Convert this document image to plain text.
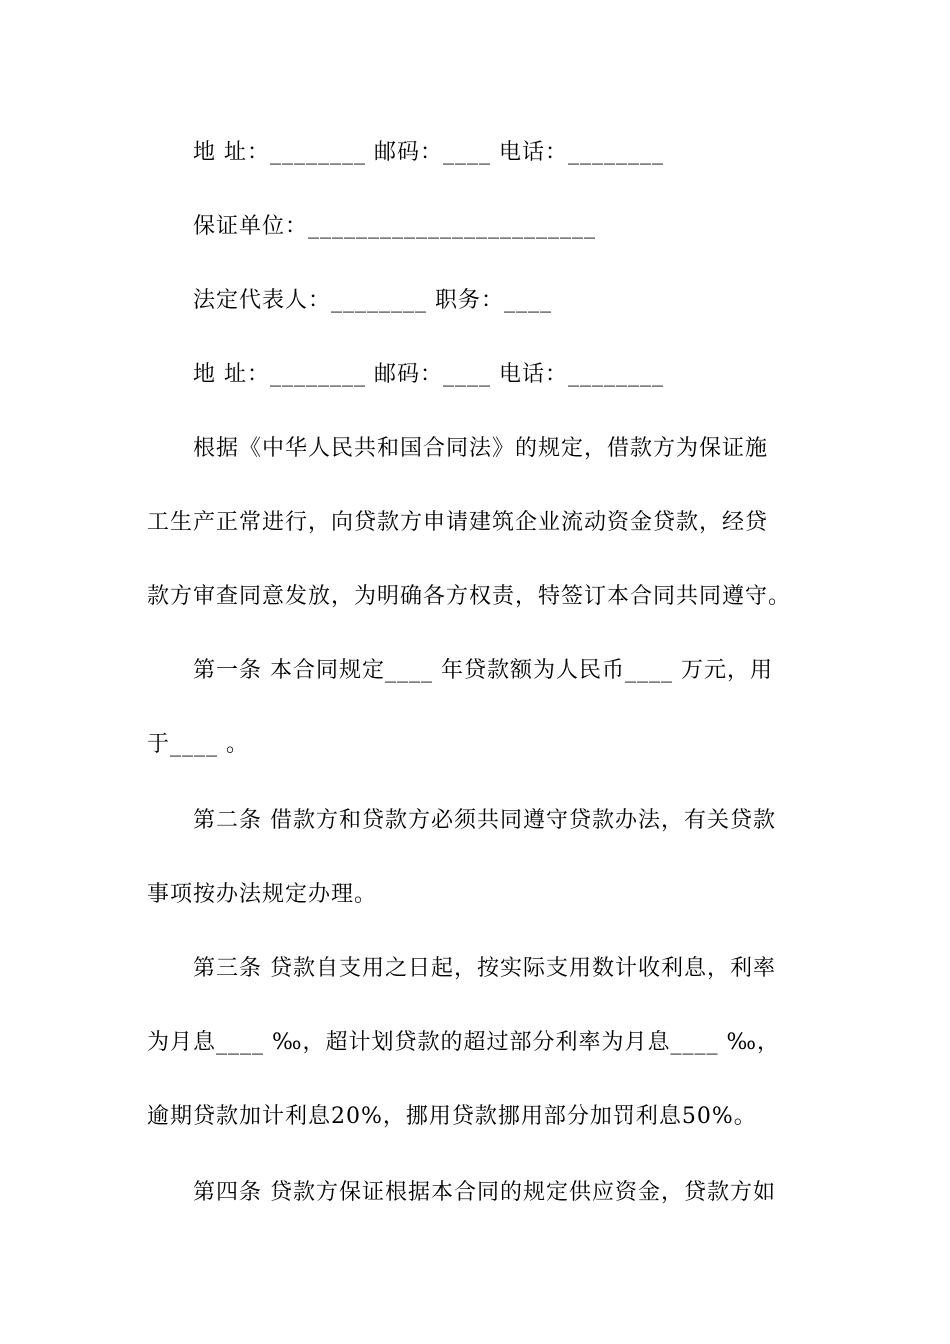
地 址：________ 邮码：____ 电话：________
保证单位：________________________
法定代表人：________ 职务：____
地 址：________ 邮码：____ 电话：________
根据《中华人民共和国合同法》的规定，借款方为保证施
工生产正常进行，向贷款方申请建筑企业流动资金贷款，经贷
款方审查同意发放，为明确各方权责，特签订本合同共同遵守。
第一条 本合同规定____ 年贷款额为人民币____ 万元，用
于____ 。
第二条 借款方和贷款方必须共同遵守贷款办法，有关贷款
事项按办法规定办理。
第三条 贷款自支用之日起，按实际支用数计收利息，利率
为月息____ ‰，超计划贷款的超过部分利率为月息____ ‰，
逾期贷款加计利息20%，挪用贷款挪用部分加罚利息50%。
第四条 贷款方保证根据本合同的规定供应资金，贷款方如
